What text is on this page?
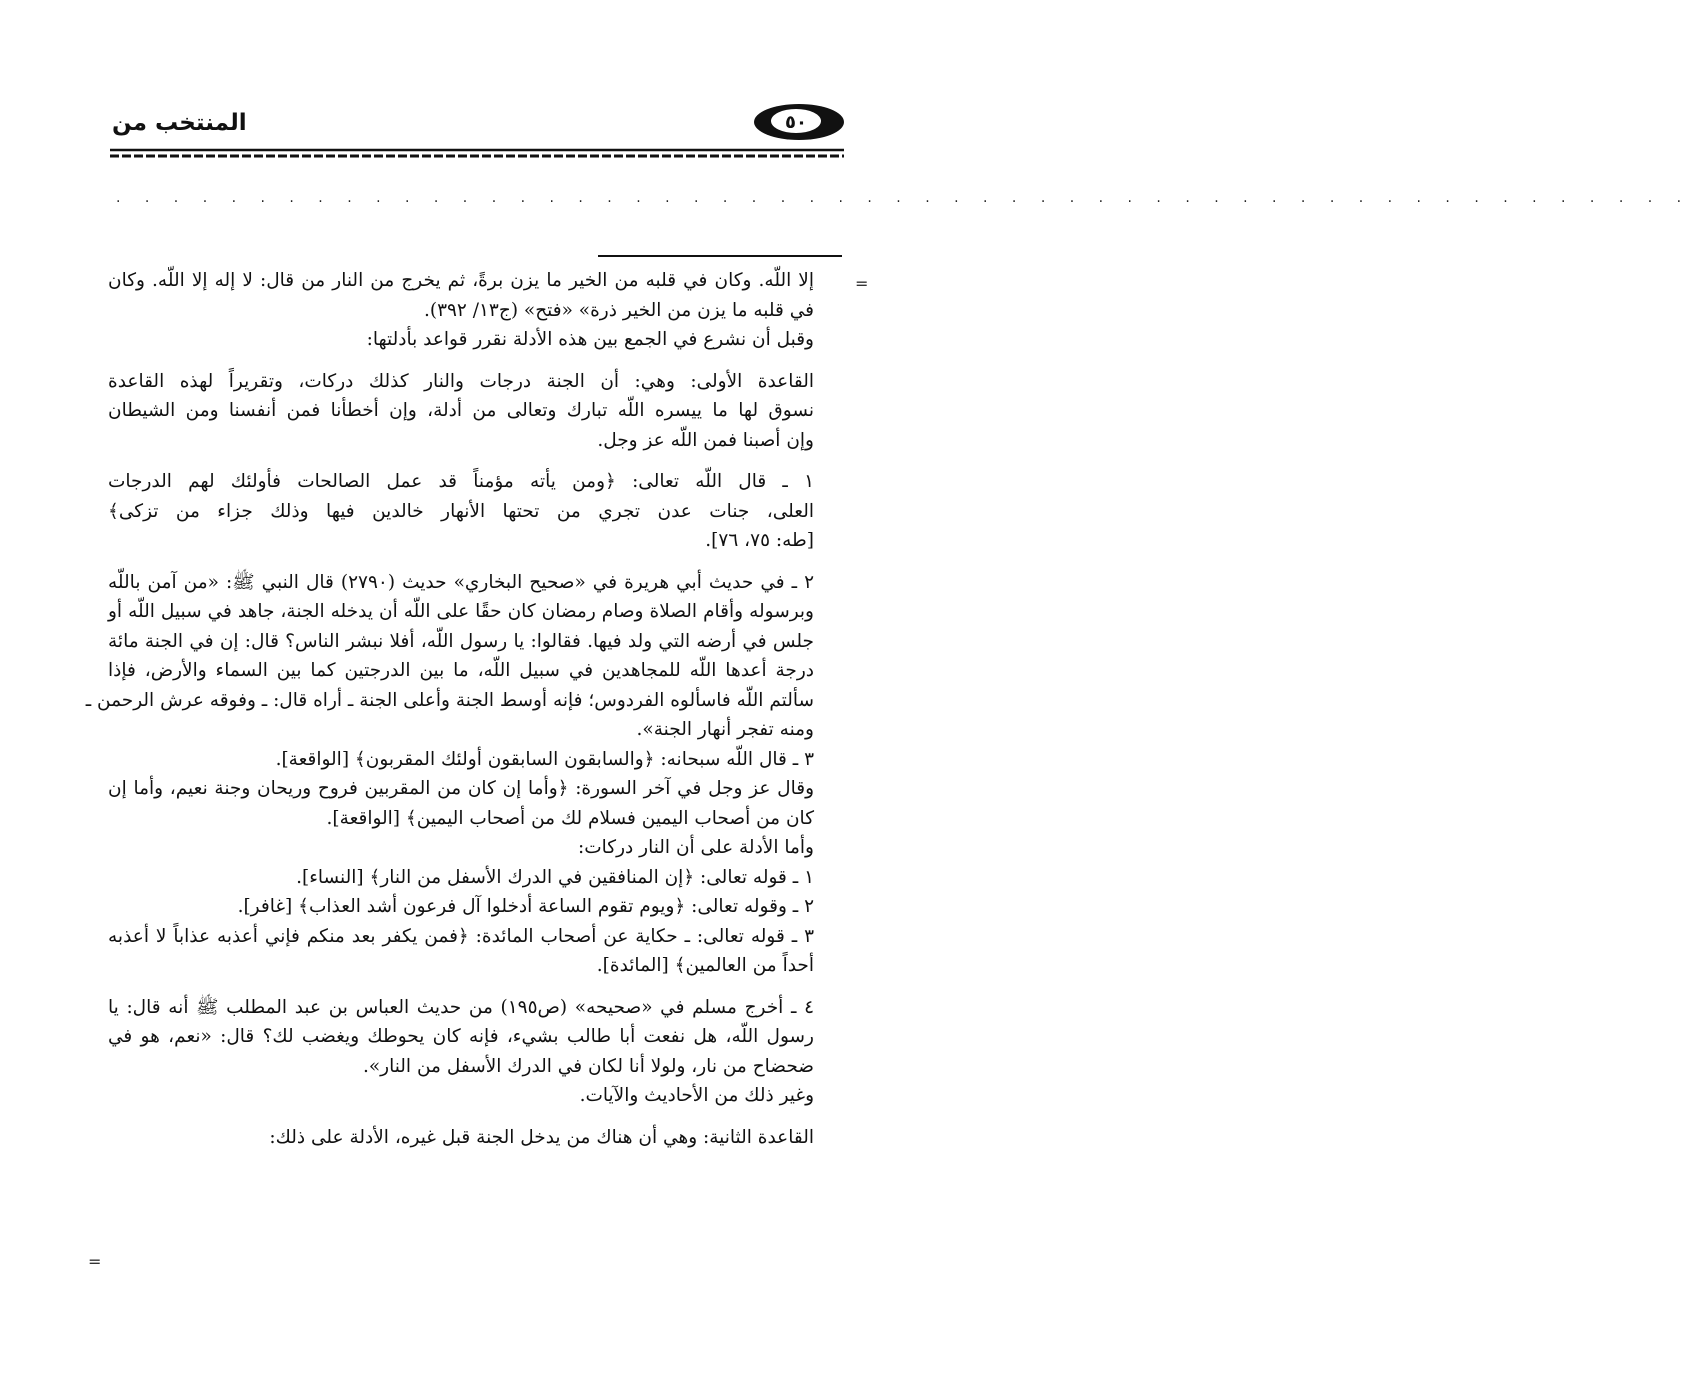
٥٠
المنتخب من
. . . . . . . . . . . . . . . . . . . . . . . . . . . . . . . . . . . . . . . . . . . . . . . . . . . . . . .
=
=
إلا اللّه. وكان في قلبه من الخير ما يزن برةً، ثم يخرج من النار من قال: لا إله إلا اللّه. وكان
في قلبه ما يزن من الخير ذرة» «فتح» (ج١٣/ ٣٩٢).
وقبل أن نشرع في الجمع بين هذه الأدلة نقرر قواعد بأدلتها:
القاعدة الأولى: وهي: أن الجنة درجات والنار كذلك دركات، وتقريراً لهذه القاعدة
نسوق لها ما ييسره اللّه تبارك وتعالى من أدلة، وإن أخطأنا فمن أنفسنا ومن الشيطان
وإن أصبنا فمن اللّه عز وجل.
١ ـ قال اللّه تعالى: ﴿ومن يأته مؤمناً قد عمل الصالحات فأولئك لهم الدرجات
العلى، جنات عدن تجري من تحتها الأنهار خالدين فيها وذلك جزاء من تزكى﴾
[طه: ٧٥، ٧٦].
٢ ـ في حديث أبي هريرة في «صحيح البخاري» حديث (٢٧٩٠) قال النبي ﷺ: «من آمن باللّه
وبرسوله وأقام الصلاة وصام رمضان كان حقًا على اللّه أن يدخله الجنة، جاهد في سبيل اللّه أو
جلس في أرضه التي ولد فيها. فقالوا: يا رسول اللّه، أفلا نبشر الناس؟ قال: إن في الجنة مائة
درجة أعدها اللّه للمجاهدين في سبيل اللّه، ما بين الدرجتين كما بين السماء والأرض، فإذا
سألتم اللّه فاسألوه الفردوس؛ فإنه أوسط الجنة وأعلى الجنة ـ أراه قال: ـ وفوقه عرش الرحمن ـ
ومنه تفجر أنهار الجنة».
٣ ـ قال اللّه سبحانه: ﴿والسابقون السابقون أولئك المقربون﴾ [الواقعة].
وقال عز وجل في آخر السورة: ﴿وأما إن كان من المقربين فروح وريحان وجنة نعيم، وأما إن
كان من أصحاب اليمين فسلام لك من أصحاب اليمين﴾ [الواقعة].
وأما الأدلة على أن النار دركات:
١ ـ قوله تعالى: ﴿إن المنافقين في الدرك الأسفل من النار﴾ [النساء].
٢ ـ وقوله تعالى: ﴿ويوم تقوم الساعة أدخلوا آل فرعون أشد العذاب﴾ [غافر].
٣ ـ قوله تعالى: ـ حكاية عن أصحاب المائدة: ﴿فمن يكفر بعد منكم فإني أعذبه عذاباً لا أعذبه
أحداً من العالمين﴾ [المائدة].
٤ ـ أخرج مسلم في «صحيحه» (ص١٩٥) من حديث العباس بن عبد المطلب ﷺ أنه قال: يا
رسول اللّه، هل نفعت أبا طالب بشيء، فإنه كان يحوطك ويغضب لك؟ قال: «نعم، هو في
ضحضاح من نار، ولولا أنا لكان في الدرك الأسفل من النار».
وغير ذلك من الأحاديث والآيات.
القاعدة الثانية: وهي أن هناك من يدخل الجنة قبل غيره، الأدلة على ذلك:
